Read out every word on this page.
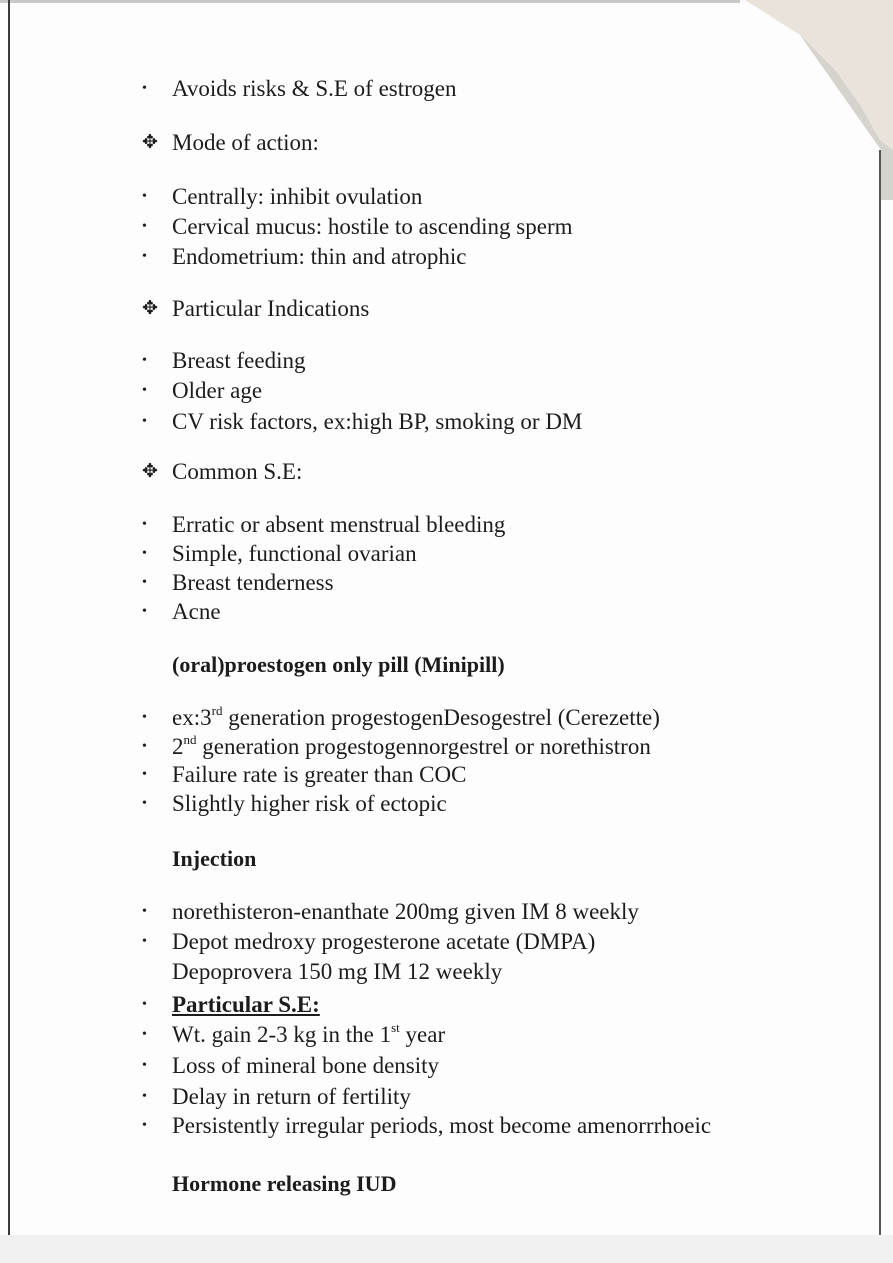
• Avoids risks & S.E of estrogen
✥ Mode of action:
• Centrally: inhibit ovulation
• Cervical mucus: hostile to ascending sperm
• Endometrium: thin and atrophic
✥ Particular Indications
• Breast feeding
• Older age
• CV risk factors, ex:high BP, smoking or DM
✥ Common S.E:
• Erratic or absent menstrual bleeding
• Simple, functional ovarian
• Breast tenderness
• Acne
(oral)proestogen only pill (Minipill)
• ex:3rd generation progestogenDesogestrel (Cerezette)
• 2nd generation progestogennorgestrel or norethistron
• Failure rate is greater than COC
• Slightly higher risk of ectopic
Injection
• norethisteron-enanthate 200mg given IM 8 weekly
• Depot medroxy progesterone acetate (DMPA)
Depoprovera 150 mg IM 12 weekly
• Particular S.E:
• Wt. gain 2-3 kg in the 1st year
• Loss of mineral bone density
• Delay in return of fertility
• Persistently irregular periods, most become amenorrrhoeic
Hormone releasing IUD
